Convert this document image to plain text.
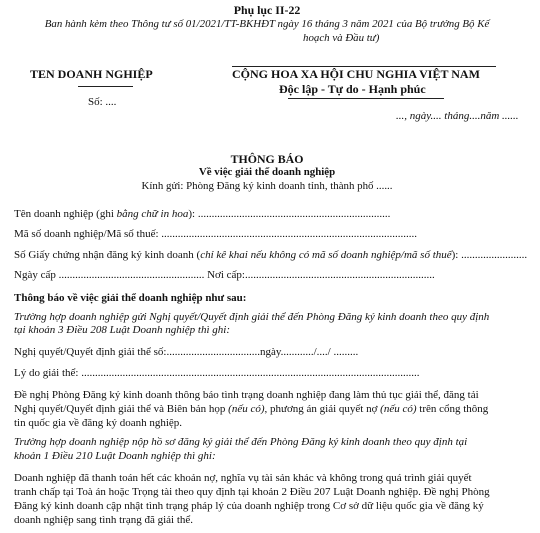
Phụ lục II-22
Ban hành kèm theo Thông tư số 01/2021/TT-BKHĐT ngày 16 tháng 3 năm 2021 của Bộ trưởng Bộ Kế
hoạch và Đầu tư)
TEN DOANH NGHIỆP
Số: ....
CỘNG HOA XA HỘI CHU NGHIA VIỆT NAM
Độc lập - Tự do - Hạnh phúc
..., ngày.... tháng....năm ......
THÔNG BÁO
Về việc giải thể doanh nghiệp
Kính gửi: Phòng Đăng ký kinh doanh tỉnh, thành phố ......
Tên doanh nghiệp (ghi bằng chữ in hoa): ......................................................................
Mã số doanh nghiệp/Mã số thuế: .............................................................................................
Số Giấy chứng nhận đăng ký kinh doanh (chỉ kê khai nếu không có mã số doanh nghiệp/mã số thuế): ........................
Ngày cấp ..................................................... Nơi cấp:.....................................................................
Thông báo về việc giải thể doanh nghiệp như sau:
Trường hợp doanh nghiệp gửi Nghị quyết/Quyết định giải thể đến Phòng Đăng ký kinh doanh theo quy định
tại khoản 3 Điều 208 Luật Doanh nghiệp thì ghi:
Nghị quyết/Quyết định giải thể số:..................................ngày............/..../ .........
Lý do giải thể: ...........................................................................................................................
Đề nghị Phòng Đăng ký kinh doanh thông báo tình trạng doanh nghiệp đang làm thủ tục giải thể, đăng tải
Nghị quyết/Quyết định giải thể và Biên bản họp (nếu có), phương án giải quyết nợ (nếu có) trên cổng thông
tin quốc gia về đăng ký doanh nghiệp.
Trường hợp doanh nghiệp nộp hồ sơ đăng ký giải thể đến Phòng Đăng ký kinh doanh theo quy định tại
khoản 1 Điều 210 Luật Doanh nghiệp thì ghi:
Doanh nghiệp đã thanh toán hết các khoản nợ, nghĩa vụ tài sản khác và không trong quá trình giải quyết
tranh chấp tại Toà án hoặc Trọng tài theo quy định tại khoản 2 Điều 207 Luật Doanh nghiệp. Đề nghị Phòng
Đăng ký kinh doanh cập nhật tình trạng pháp lý của doanh nghiệp trong Cơ sở dữ liệu quốc gia về đăng ký
doanh nghiệp sang tình trạng đã giải thể.
